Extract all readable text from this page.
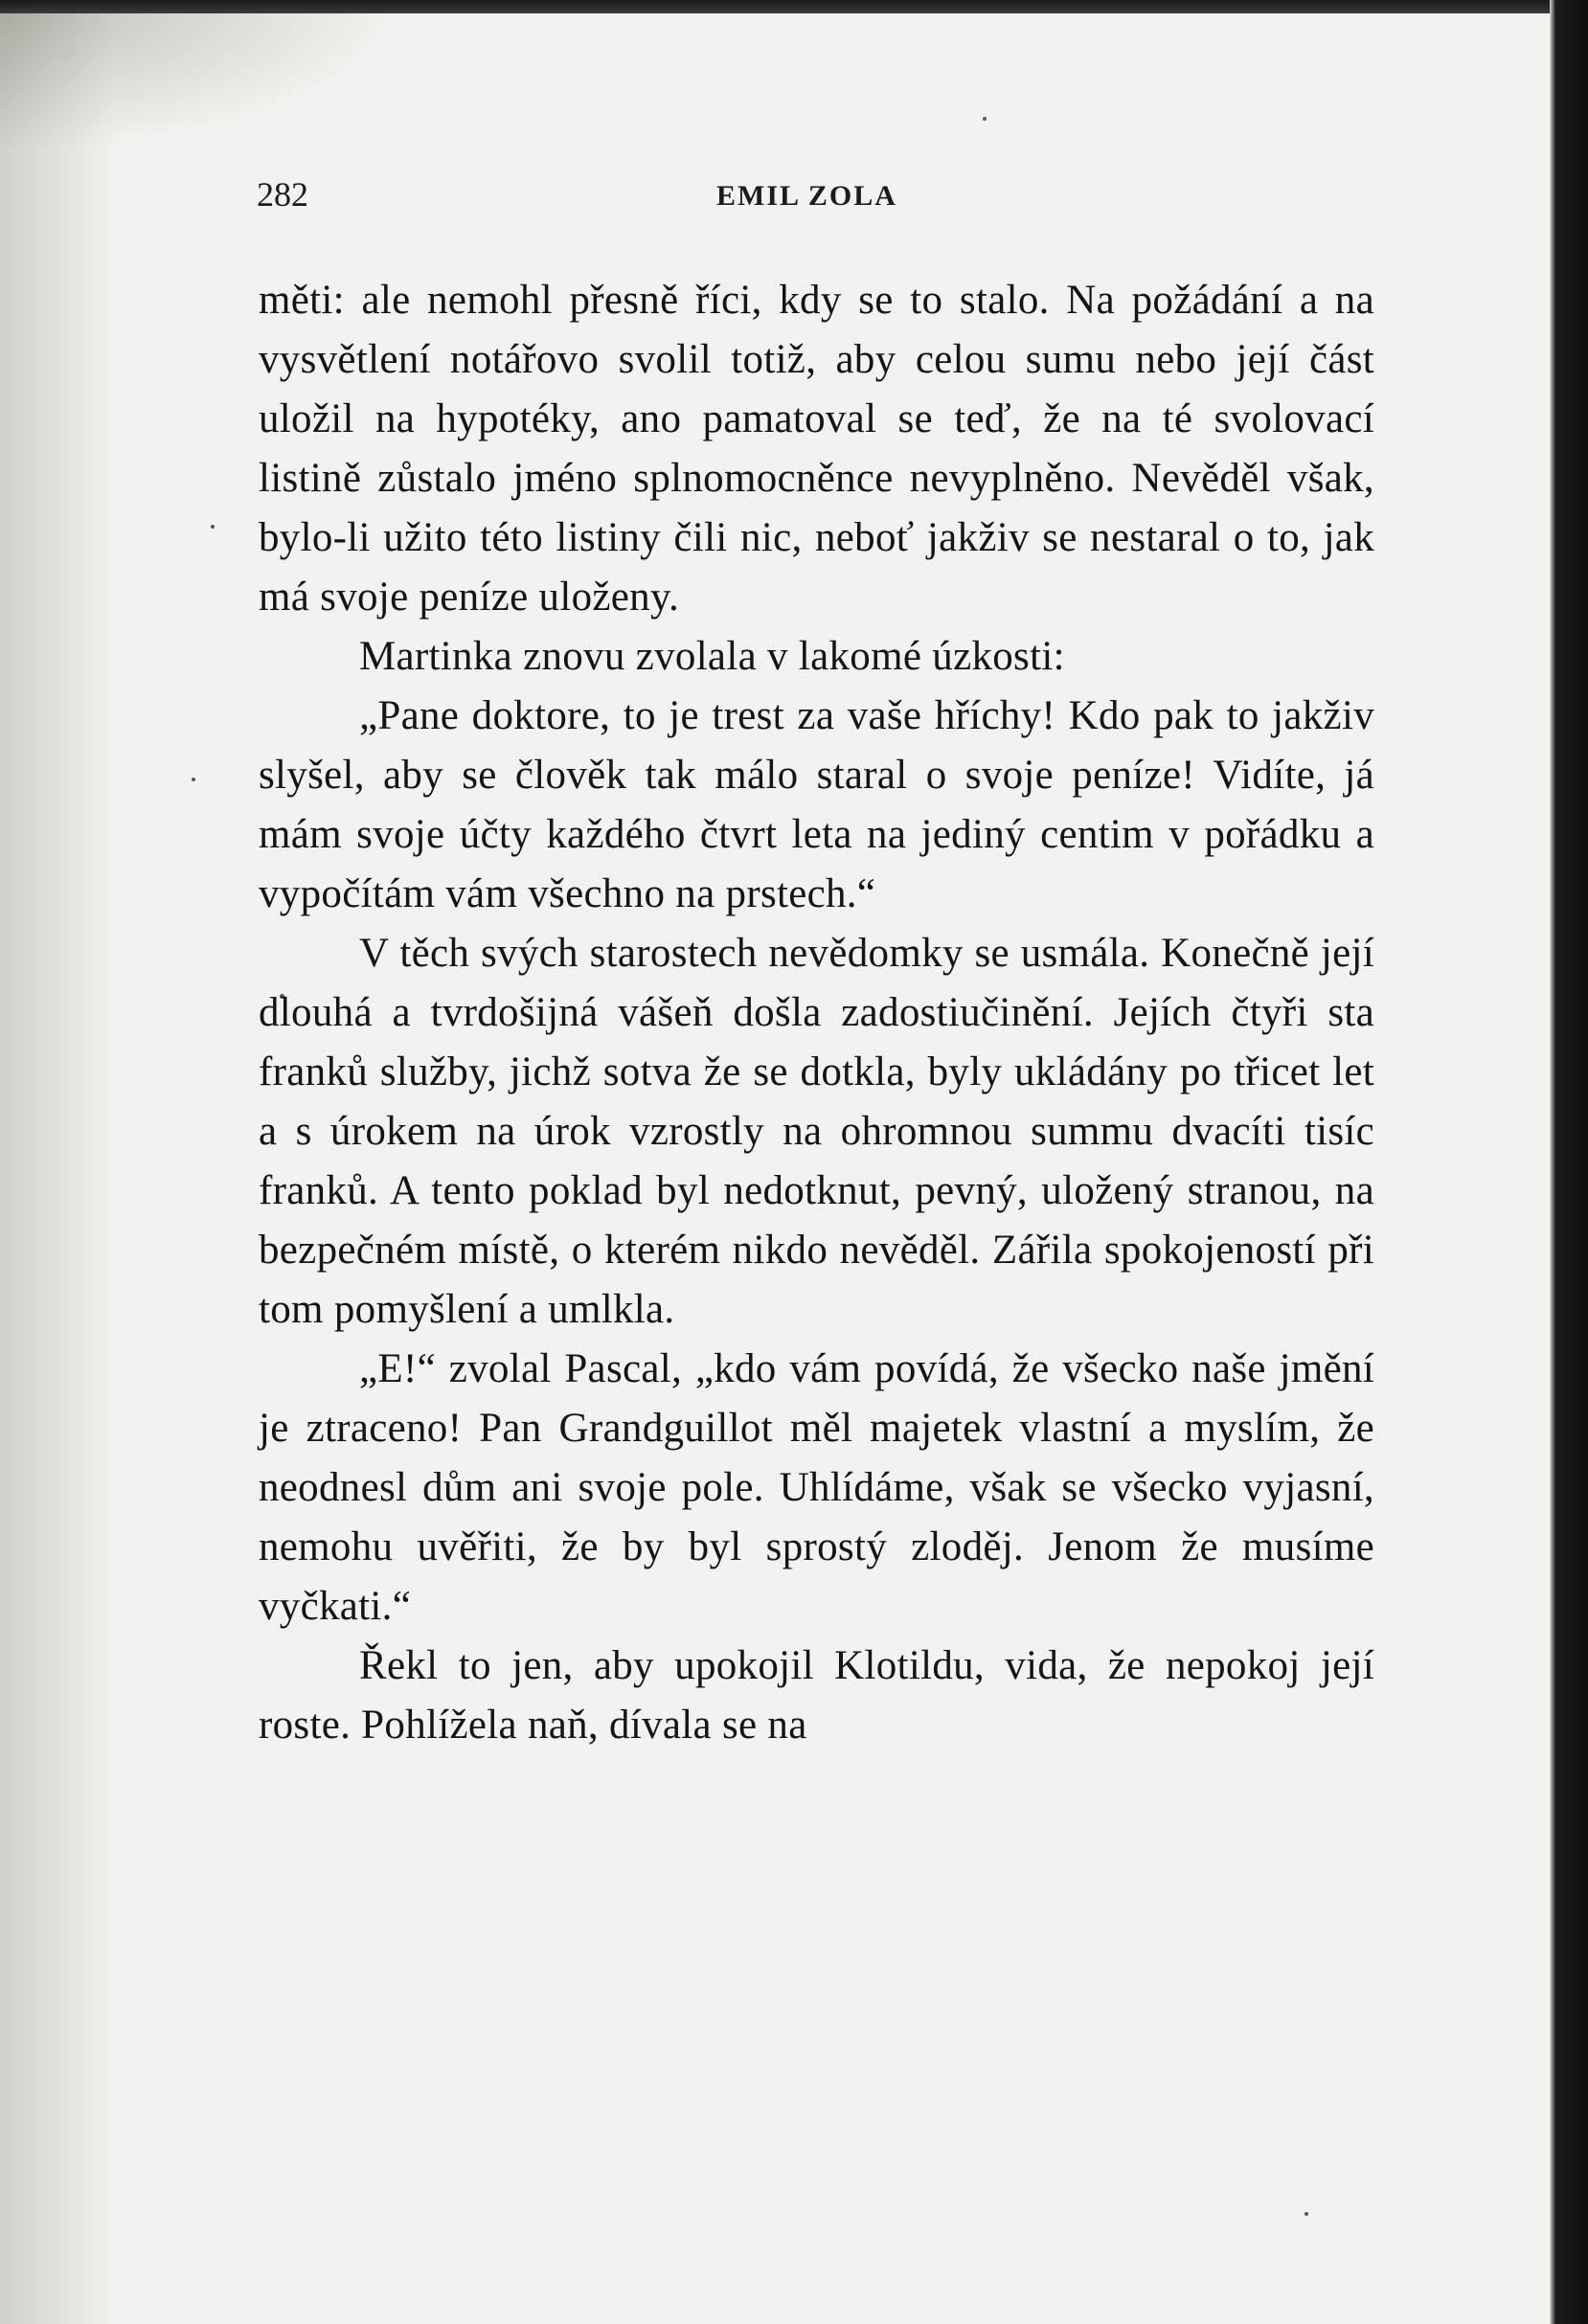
282	EMIL ZOLA

měti: ale nemohl přesně říci, kdy se to stalo. Na požádání a na vysvětlení notářovo svolil totiž, aby celou sumu nebo její část uložil na hypotéky, ano pamatoval se teď, že na té svolovací listině zůstalo jméno splnomocněnce nevyplněno. Nevěděl však, bylo-li užito této listiny čili nic, neboť jakživ se nestaral o to, jak má svoje peníze uloženy.

Martinka znovu zvolala v lakomé úzkosti:

„Pane doktore, to je trest za vaše hříchy! Kdo pak to jakživ slyšel, aby se člověk tak málo staral o svoje peníze! Vidíte, já mám svoje účty každého čtvrt leta na jediný centim v pořádku a vypočítám vám všechno na prstech.“

V těch svých starostech nevědomky se usmála. Konečně její dlouhá a tvrdošijná vášeň došla zadostiučinění. Jejích čtyři sta franků služby, jichž sotva že se dotkla, byly ukládány po třicet let a s úrokem na úrok vzrostly na ohromnou summu dvacíti tisíc franků. A tento poklad byl nedotknut, pevný, uložený stranou, na bezpečném místě, o kterém nikdo nevěděl. Zářila spokojeností při tom pomyšlení a umlkla.

„E!“ zvolal Pascal, „kdo vám povídá, že všecko naše jmění je ztraceno! Pan Grandguillot měl majetek vlastní a myslím, že neodnesl dům ani svoje pole. Uhlídáme, však se všecko vyjasní, nemohu uvěřiti, že by byl sprostý zloděj. Jenom že musíme vyčkati.“

Řekl to jen, aby upokojil Klotildu, vida, že nepokoj její roste. Pohlížela naň, dívala se na
